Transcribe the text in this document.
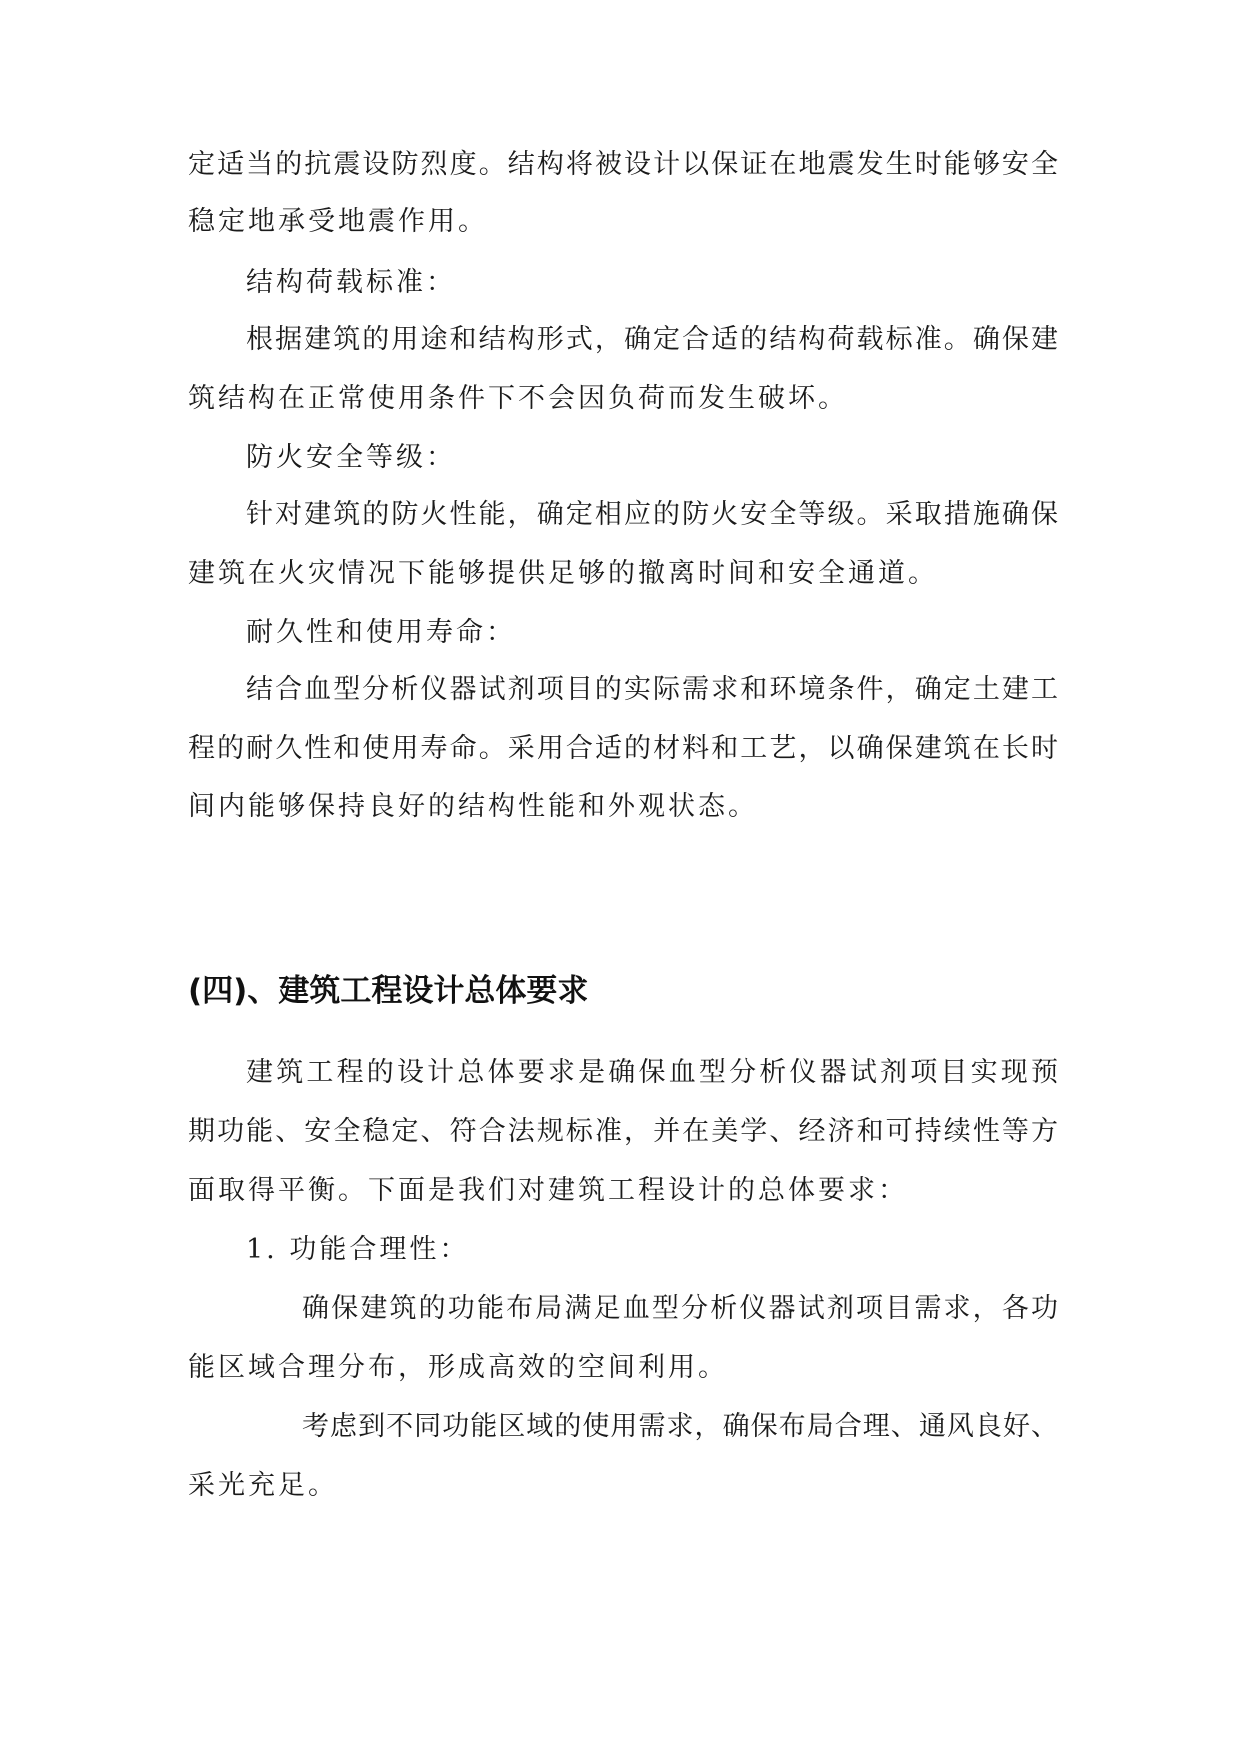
定适当的抗震设防烈度。结构将被设计以保证在地震发生时能够安全

稳定地承受地震作用。

结构荷载标准：

根据建筑的用途和结构形式，确定合适的结构荷载标准。确保建

筑结构在正常使用条件下不会因负荷而发生破坏。

防火安全等级：

针对建筑的防火性能，确定相应的防火安全等级。采取措施确保

建筑在火灾情况下能够提供足够的撤离时间和安全通道。

耐久性和使用寿命：

结合血型分析仪器试剂项目的实际需求和环境条件，确定土建工

程的耐久性和使用寿命。采用合适的材料和工艺，以确保建筑在长时

间内能够保持良好的结构性能和外观状态。

(四)、建筑工程设计总体要求

建筑工程的设计总体要求是确保血型分析仪器试剂项目实现预

期功能、安全稳定、符合法规标准，并在美学、经济和可持续性等方

面取得平衡。下面是我们对建筑工程设计的总体要求：

1. 功能合理性：

确保建筑的功能布局满足血型分析仪器试剂项目需求，各功

能区域合理分布，形成高效的空间利用。

考虑到不同功能区域的使用需求，确保布局合理、通风良好、

采光充足。
